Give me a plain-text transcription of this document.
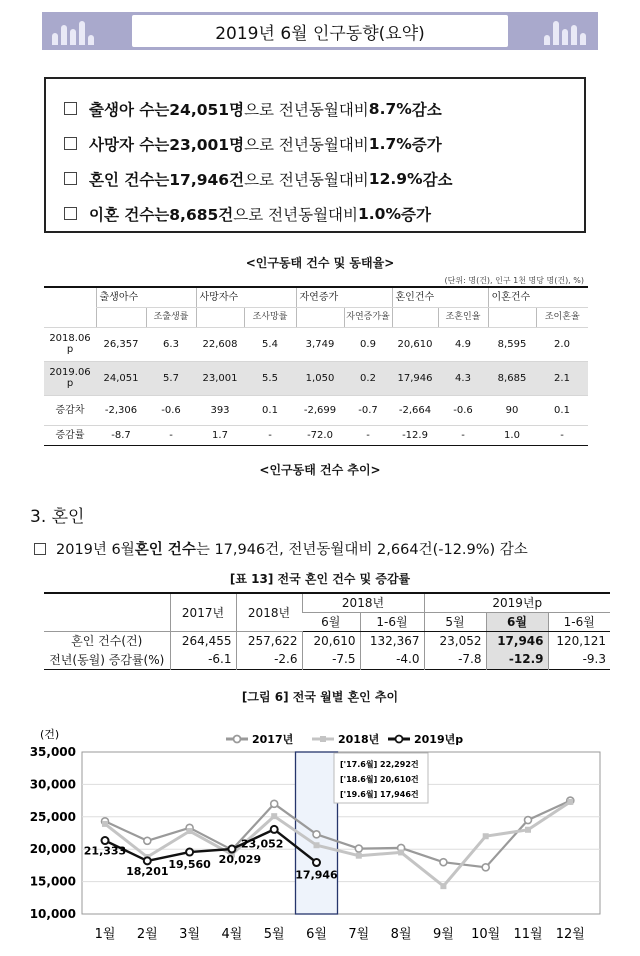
2019년 6월 인구동향(요약)
출생아 수는 24,051명 으로 전년동월대비 8.7% 감소
사망자 수는 23,001명 으로 전년동월대비 1.7% 증가
혼인 건수는 17,946건 으로 전년동월대비 12.9% 감소
이혼 건수는 8,685건 으로 전년동월대비 1.0% 증가
<인구동태 건수 및 동태율>
(단위: 명(건), 인구 1천 명당 명(건), %)
	출생아수		사망자수		자연증가		혼인건수		이혼건수	
		조출생률		조사망률		자연증가율		조혼인율		조이혼율
2018.06 p	26,357	6.3	22,608	5.4	3,749	0.9	20,610	4.9	8,595	2.0
2019.06 p	24,051	5.7	23,001	5.5	1,050	0.2	17,946	4.3	8,685	2.1
증감차	-2,306	-0.6	393	0.1	-2,699	-0.7	-2,664	-0.6	90	0.1
증감률	-8.7	-	1.7	-	-72.0	-	-12.9	-	1.0	-
<인구동태 건수 추이>
3. 혼인
2019년 6월 혼인 건수 는 17,946건, 전년동월대비 2,664건(-12.9%) 감소
[표 13] 전국 혼인 건수 및 증감률
	2017년	2018년	2018년		2019년p		
			6월	1-6월	5월	6월	1-6월
혼인 건수(건)	264,455	257,622	20,610	132,367	23,052	17,946	120,121
전년(동월) 증감률(%)	-6.1	-2.6	-7.5	-4.0	-7.8	-12.9	-9.3
[그림 6] 전국 월별 혼인 추이
10,000
15,000
20,000
25,000
30,000
35,000
(건)
1월 2월 3월 4월 5월 6월 7월 8월 9월 10월 11월 12월
21,333
18,201
19,560 20,029
23,052
17,946
2017년	2018년	2019년p
['17.6월] 22,292건
['18.6월] 20,610건
['19.6월] 17,946건
